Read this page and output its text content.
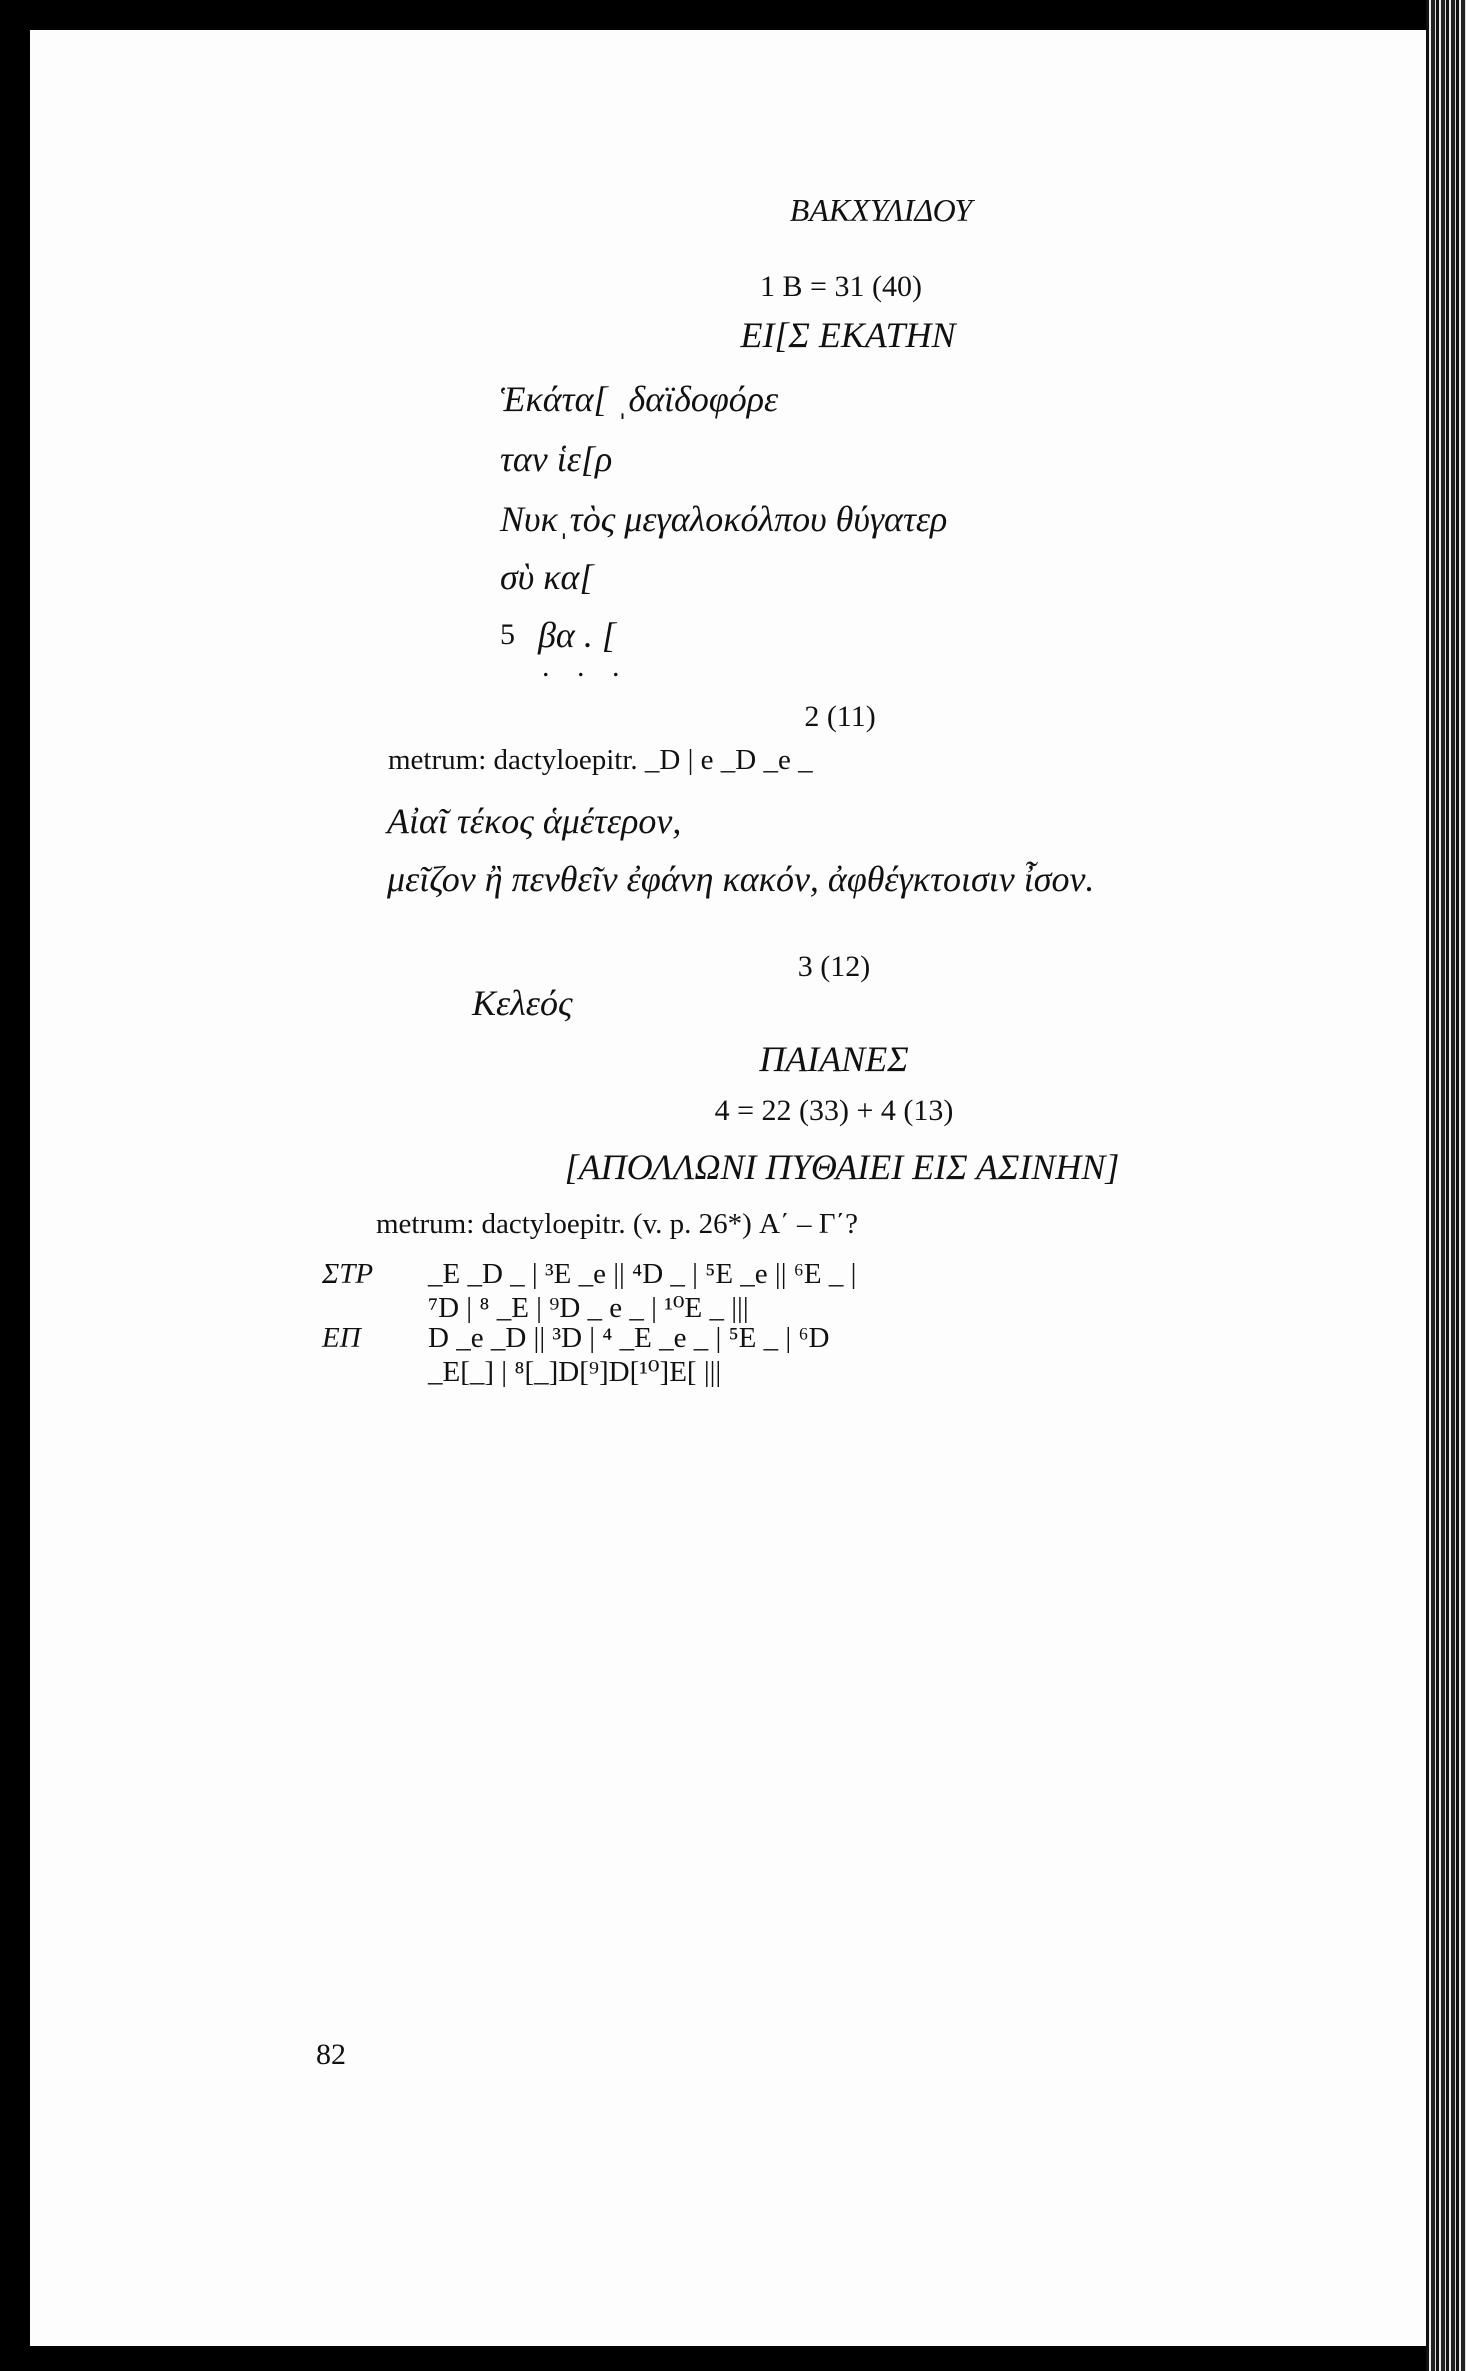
ΒΑΚΧΥΛΙΔΟΥ
1 B = 31 (40)
ΕΙ[Σ ΕΚΑΤΗΝ
Ἑκάτα[ ˌδαϊδοφόρε
ταν ἱε[ρ
Νυκˌτὸς μεγαλοκόλπου θύγατερ
σὺ κα[
5 βα . [
. . .
2 (11)
metrum: dactyloepitr. _D | e _D _e _
Αἰαῖ τέκος ἁμέτερον,
μεῖζον ἢ πενθεῖν ἐφάνη κακόν, ἀφθέγκτοισιν ἶσον.
3 (12)
Κελεός
ΠΑΙΑΝΕΣ
4 = 22 (33) + 4 (13)
[ΑΠΟΛΛΩΝΙ ΠΥΘΑΙΕΙ ΕΙΣ ΑΣΙΝΗΝ]
metrum: dactyloepitr. (v. p. 26*) Α΄ – Γ΄?
ΣΤΡ _E _D _ | ³E _e || ⁴D _ | ⁵E _e || ⁶E _ |
⁷D | ⁸ _E | ⁹D _ e _ | ¹⁰E _ |||
ΕΠ D _e _D || ³D | ⁴ _E _e _ | ⁵E _ | ⁶D
_E[_] | ⁸[_]D[⁹]D[¹⁰]E[ |||
82
